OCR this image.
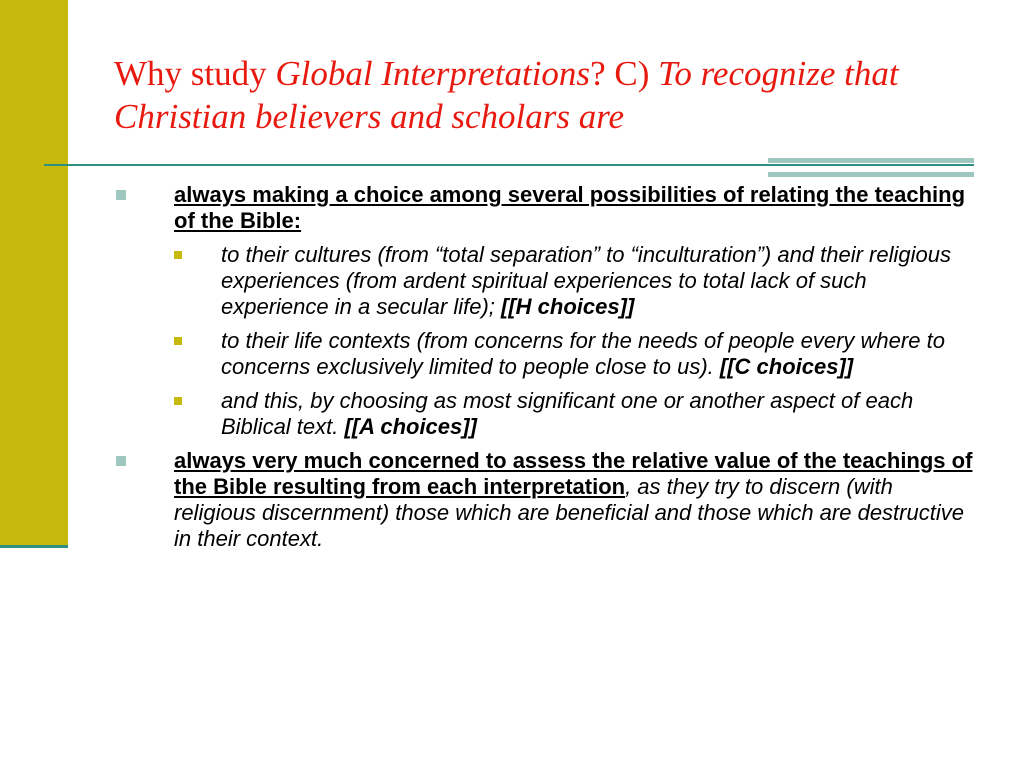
Why study Global Interpretations? C) To recognize that Christian believers and scholars are
always making a choice among several possibilities of relating the teaching of the Bible:
to their cultures (from “total separation” to “inculturation”) and their religious experiences (from ardent spiritual experiences to total lack of such experience in a secular life); [[H choices]]
to their life contexts (from concerns for the needs of people every where to concerns exclusively limited to people close to us). [[C choices]]
and this, by choosing as most significant one or another aspect of each Biblical text. [[A choices]]
always very much concerned to assess the relative value of the teachings of the Bible resulting from each interpretation, as they try to discern (with religious discernment) those which are beneficial and those which are destructive in their context.
